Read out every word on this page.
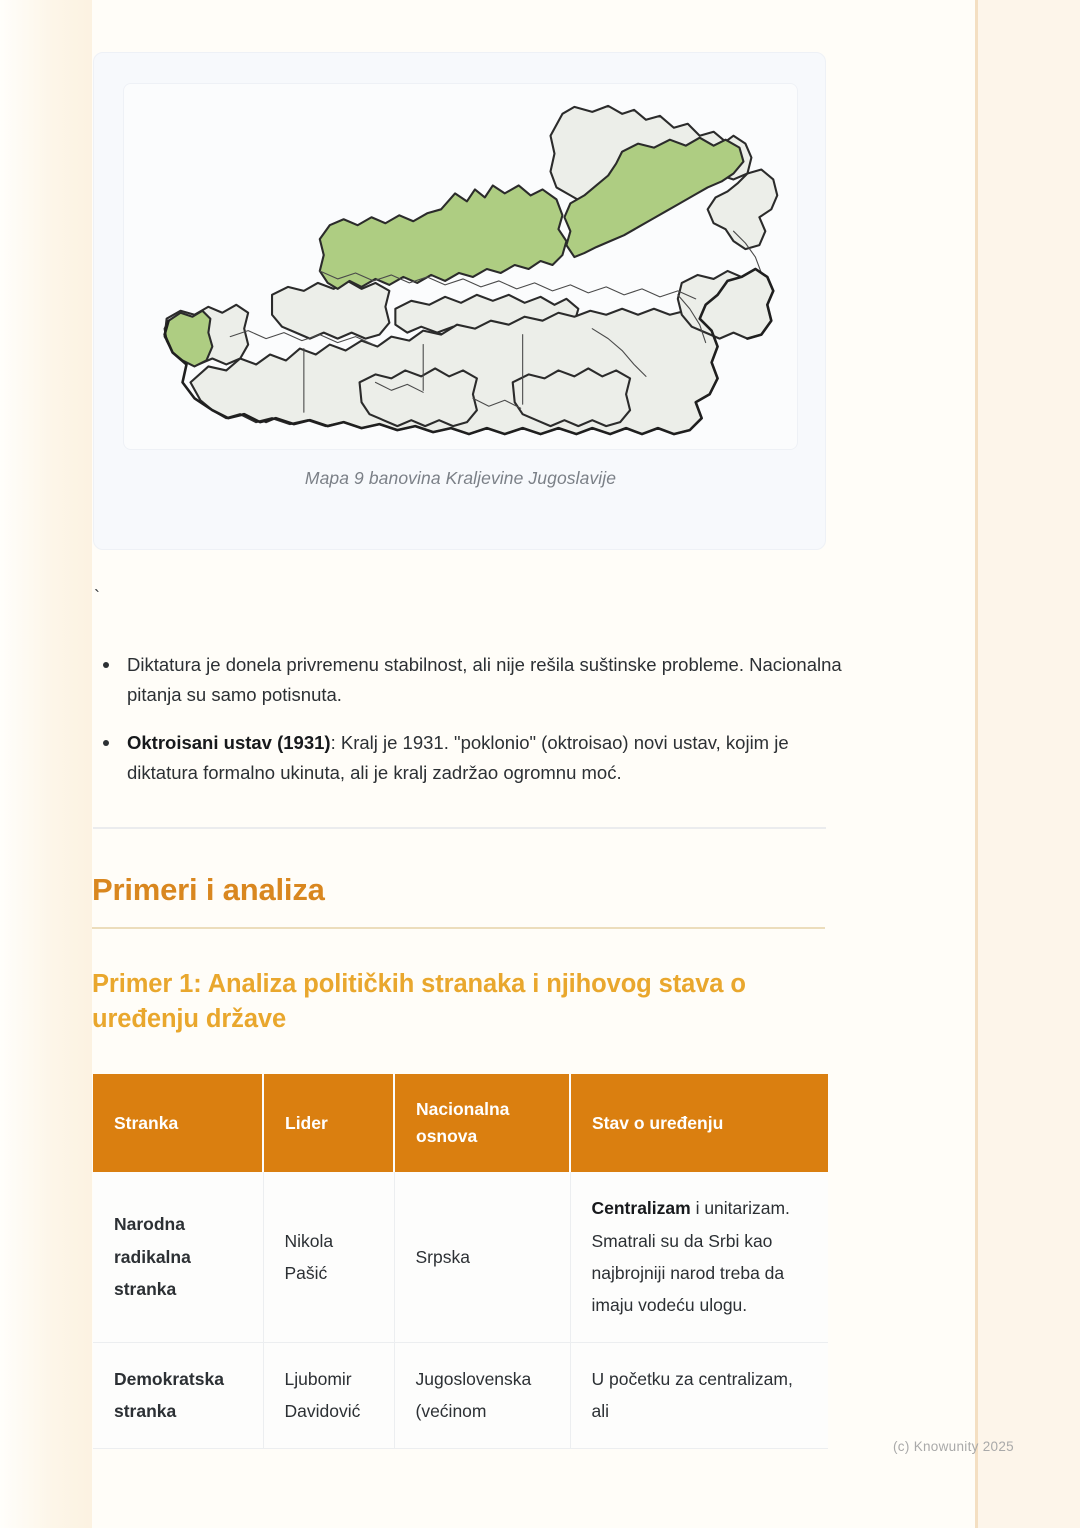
Mapa 9 banovina Kraljevine Jugoslavije
`
Diktatura je donela privremenu stabilnost, ali nije rešila suštinske probleme. Nacionalna pitanja su samo potisnuta.
Oktroisani ustav (1931): Kralj je 1931. "poklonio" (oktroisao) novi ustav, kojim je diktatura formalno ukinuta, ali je kralj zadržao ogromnu moć.
Primeri i analiza
Primer 1: Analiza političkih stranaka i njihovog stava o uređenju države
Stranka	Lider	Nacionalna osnova	Stav o uređenju
Narodna radikalna stranka	Nikola Pašić	Srpska	Centralizam i unitarizam. Smatrali su da Srbi kao najbrojniji narod treba da imaju vodeću ulogu.
Demokratska stranka	Ljubomir Davidović	Jugoslovenska (većinom	U početku za centralizam, ali
(c) Knowunity 2025
